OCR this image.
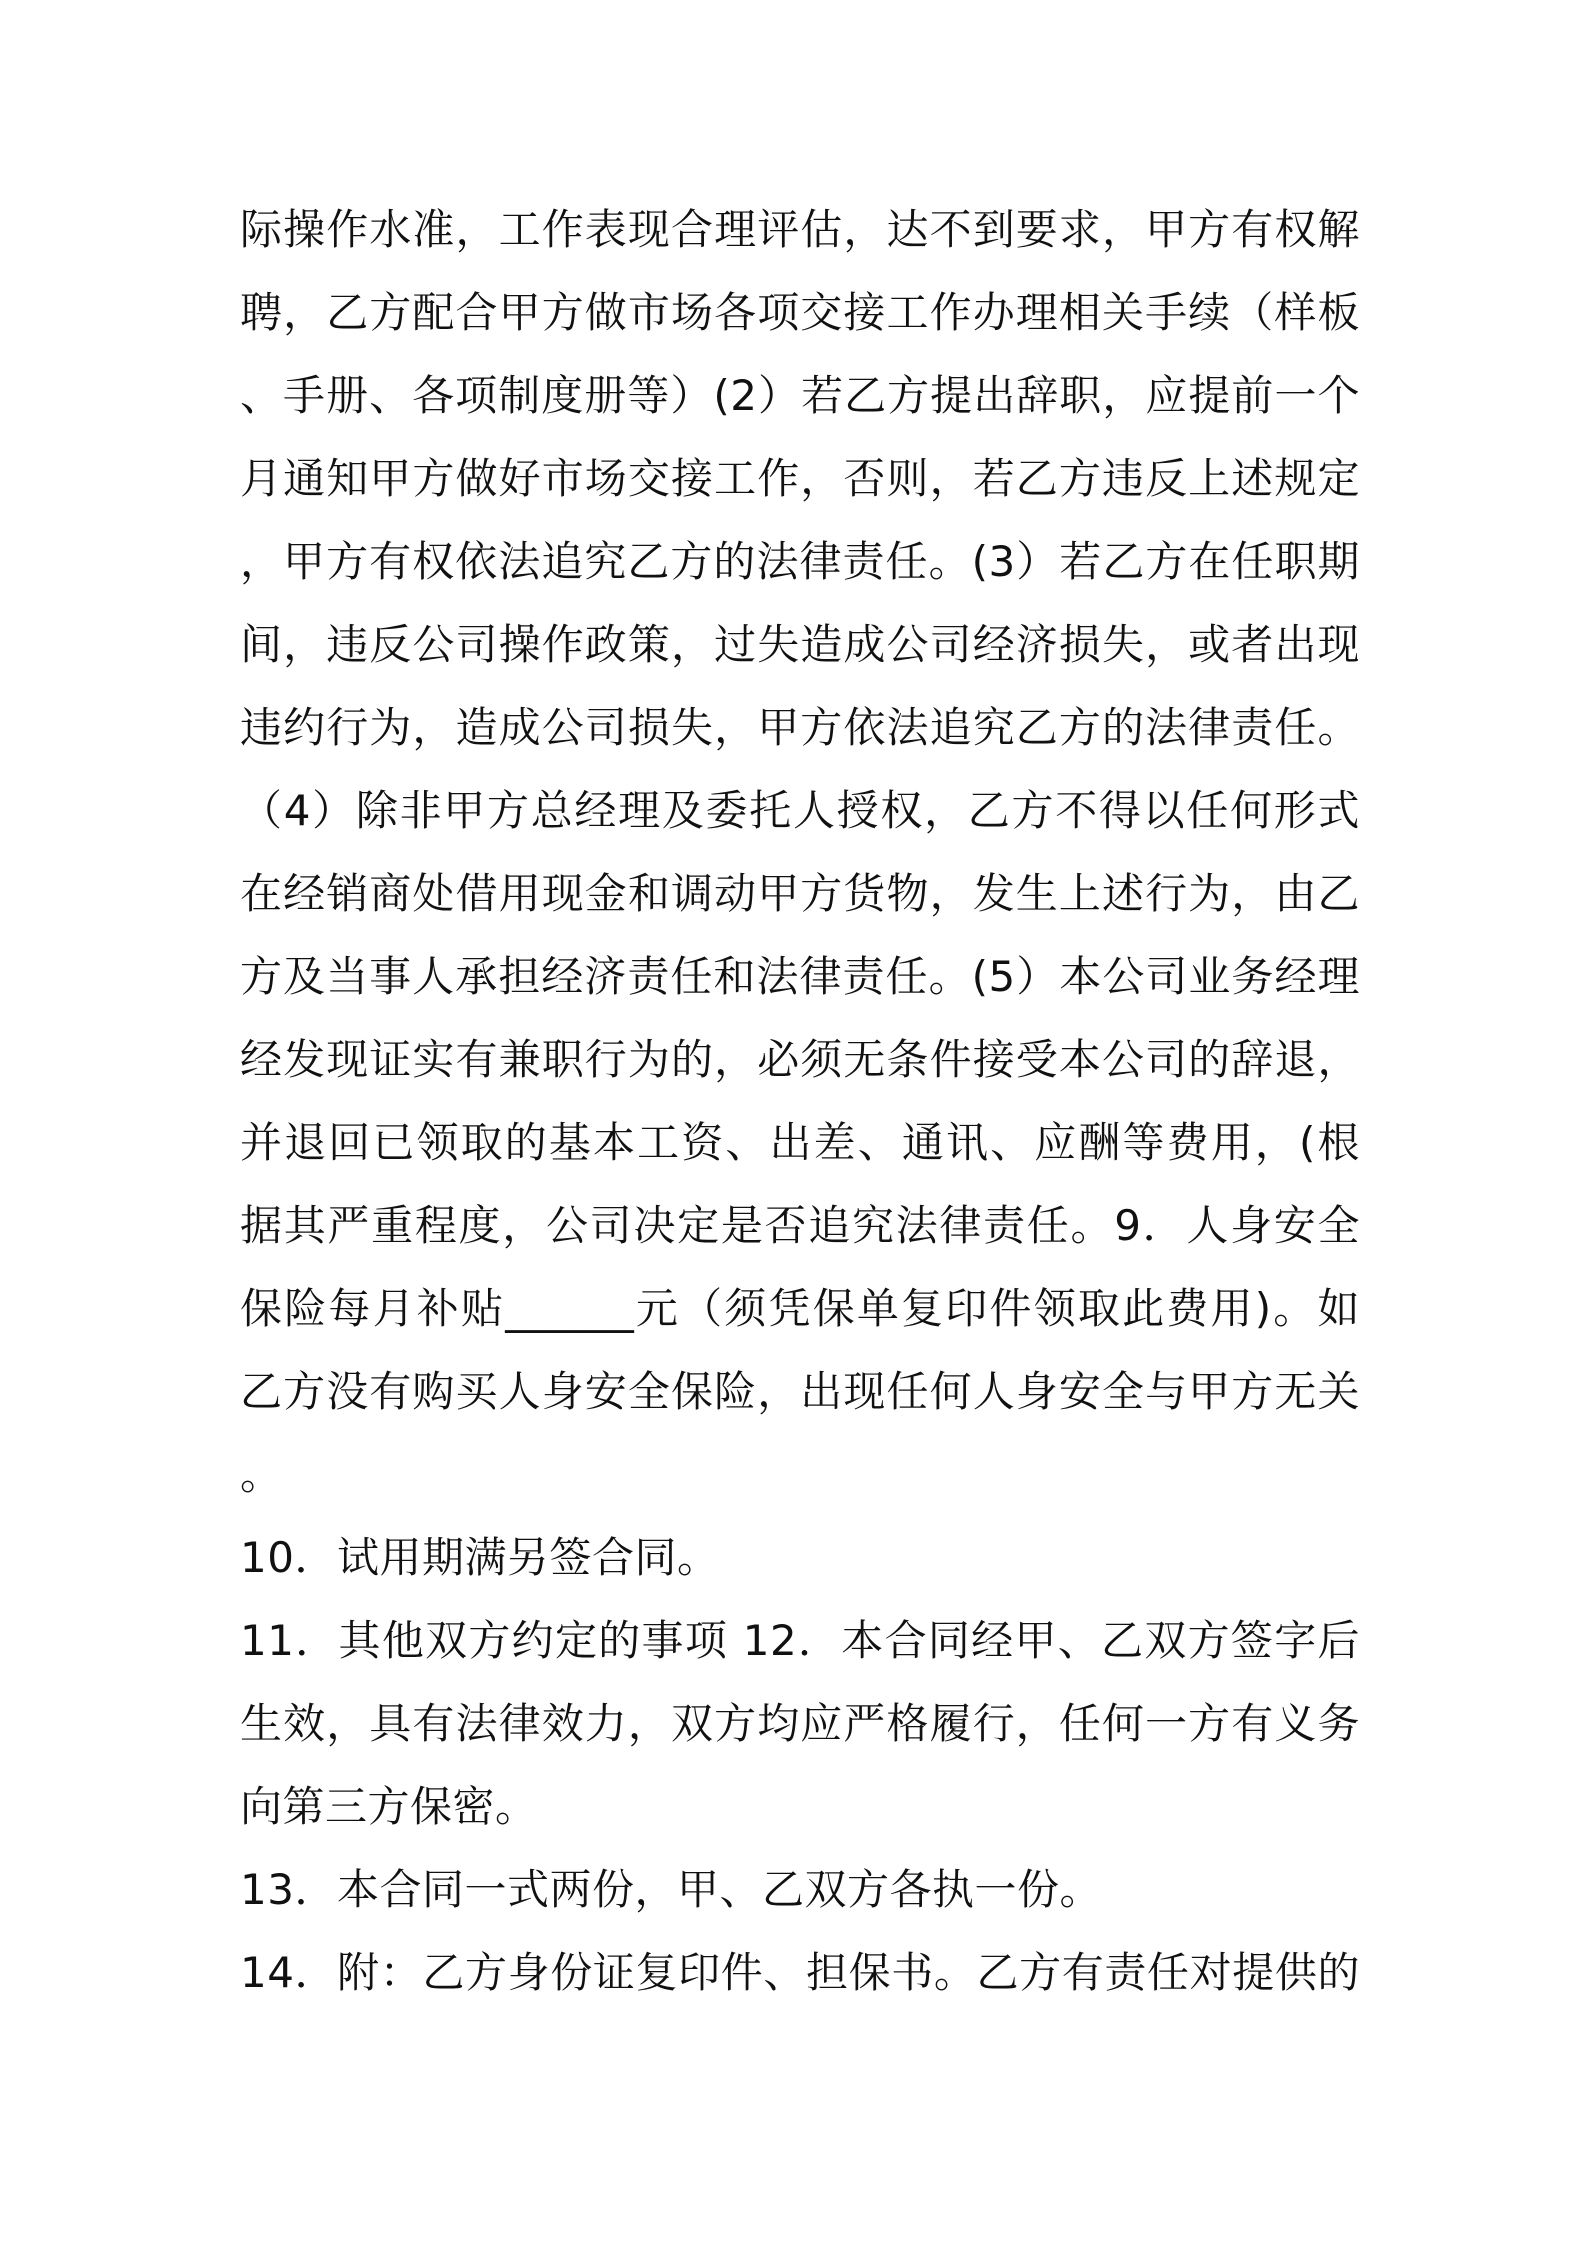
际操作水准，工作表现合理评估，达不到要求，甲方有权解
聘，乙方配合甲方做市场各项交接工作办理相关手续（样板
、手册、各项制度册等）(2）若乙方提出辞职，应提前一个
月通知甲方做好市场交接工作，否则，若乙方违反上述规定
，甲方有权依法追究乙方的法律责任。(3）若乙方在任职期
间，违反公司操作政策，过失造成公司经济损失，或者出现
违约行为，造成公司损失，甲方依法追究乙方的法律责任。
（4）除非甲方总经理及委托人授权，乙方不得以任何形式
在经销商处借用现金和调动甲方货物，发生上述行为，由乙
方及当事人承担经济责任和法律责任。(5）本公司业务经理
经发现证实有兼职行为的，必须无条件接受本公司的辞退，
并退回已领取的基本工资、出差、通讯、应酬等费用，(根
据其严重程度，公司决定是否追究法律责任。9．人身安全
保险每月补贴______元（须凭保单复印件领取此费用)。如
乙方没有购买人身安全保险，出现任何人身安全与甲方无关
。
10．试用期满另签合同。
11．其他双方约定的事项 12．本合同经甲、乙双方签字后
生效，具有法律效力，双方均应严格履行，任何一方有义务
向第三方保密。
13．本合同一式两份，甲、乙双方各执一份。
14．附：乙方身份证复印件、担保书。乙方有责任对提供的
